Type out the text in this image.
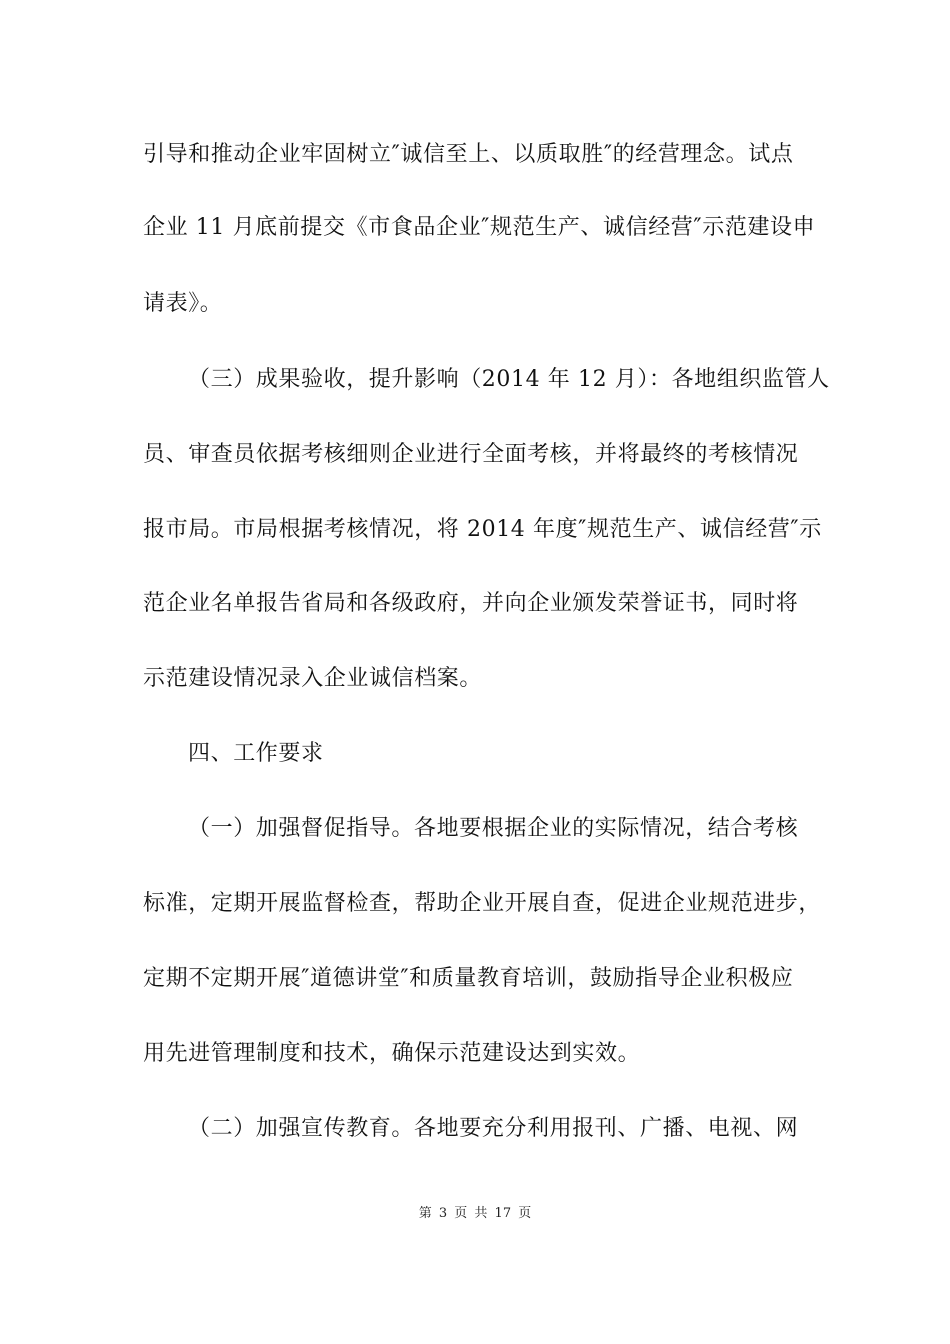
引导和推动企业牢固树立″诚信至上、以质取胜″的经营理念。试点
企业 11 月底前提交《市食品企业″规范生产、诚信经营″示范建设申
请表》。
（三）成果验收，提升影响（2014 年 12 月）：各地组织监管人
员、审查员依据考核细则企业进行全面考核，并将最终的考核情况
报市局。市局根据考核情况，将 2014 年度″规范生产、诚信经营″示
范企业名单报告省局和各级政府，并向企业颁发荣誉证书，同时将
示范建设情况录入企业诚信档案。
四、工作要求
（一）加强督促指导。各地要根据企业的实际情况，结合考核
标准，定期开展监督检查，帮助企业开展自查，促进企业规范进步，
定期不定期开展″道德讲堂″和质量教育培训，鼓励指导企业积极应
用先进管理制度和技术，确保示范建设达到实效。
（二）加强宣传教育。各地要充分利用报刊、广播、电视、网
第 3 页 共 17 页
